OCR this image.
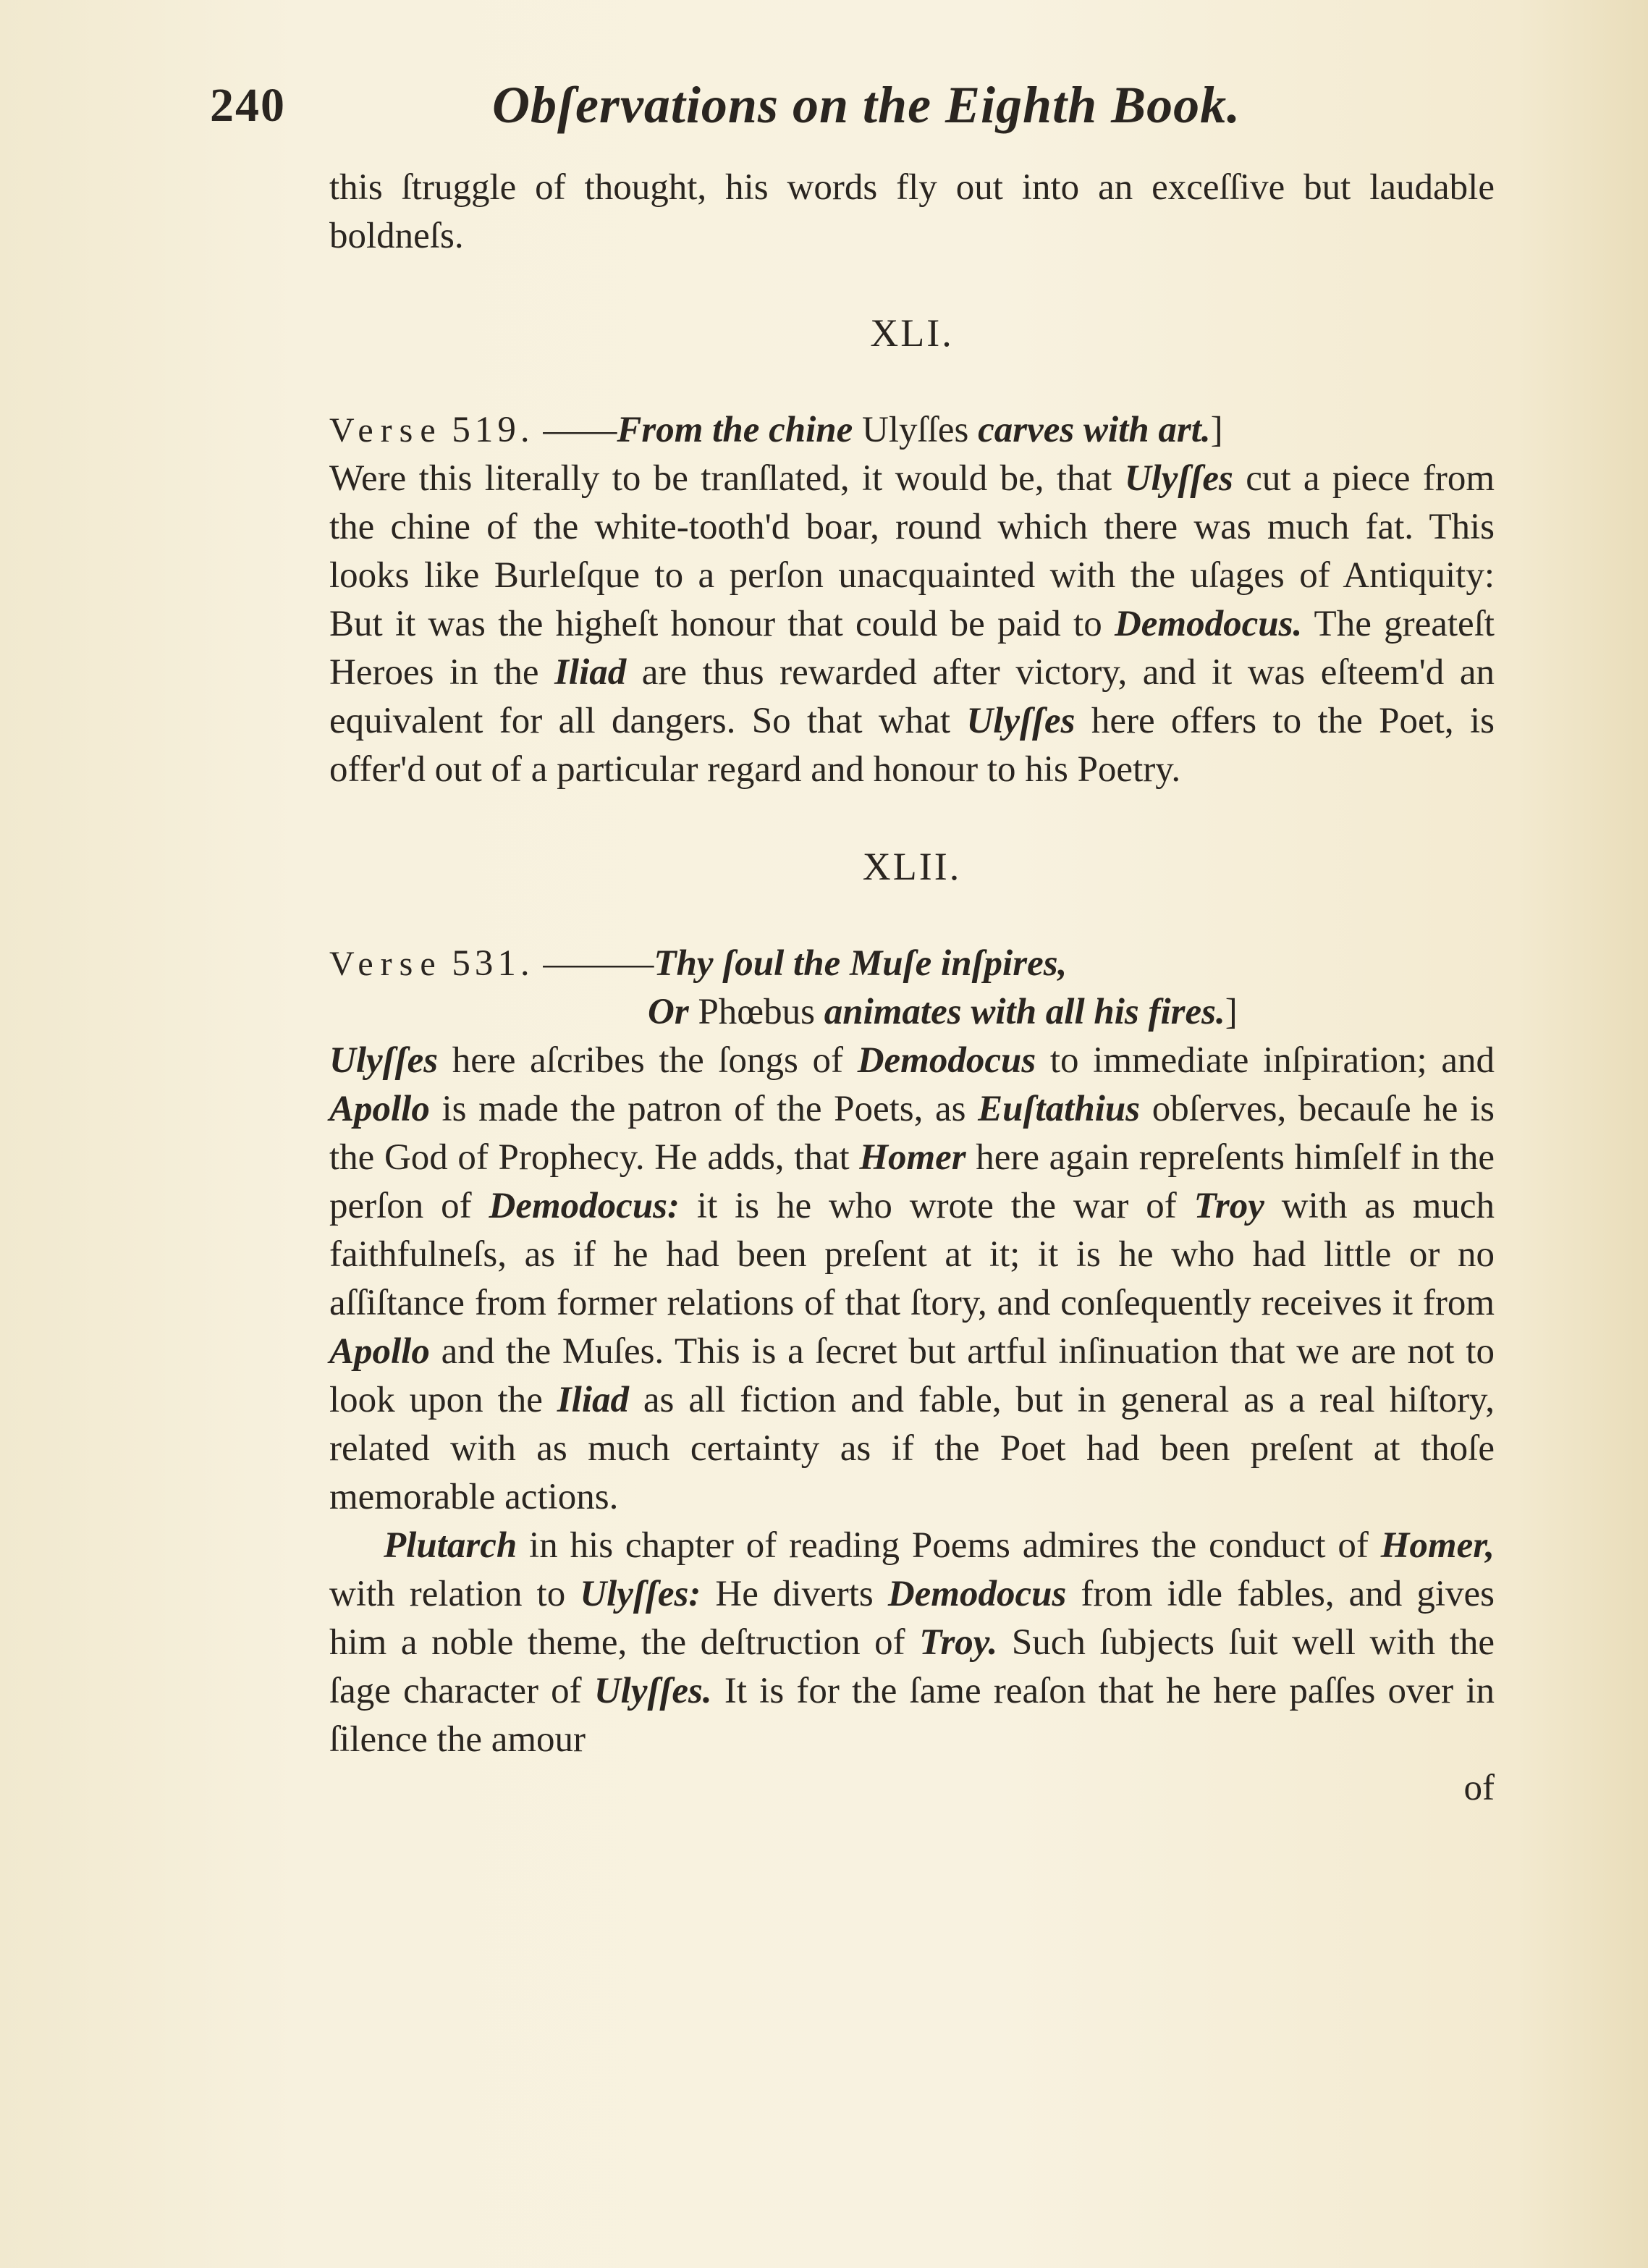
240	Obſervations on the Eighth Book.

this ſtruggle of thought, his words fly out into an exceſſive but laudable boldneſs.

XLI.

Verse 519. ——From the chine Ulyſſes carves with art.]

Were this literally to be tranſlated, it would be, that Ulyſſes cut a piece from the chine of the white-tooth'd boar, round which there was much fat. This looks like Burleſque to a perſon unacquainted with the uſages of Antiquity: But it was the higheſt honour that could be paid to Demodocus. The greateſt Heroes in the Iliad are thus rewarded after victory, and it was eſteem'd an equivalent for all dangers. So that what Ulyſſes here offers to the Poet, is offer'd out of a particular regard and honour to his Poetry.

XLII.

Verse 531. ———Thy ſoul the Muſe inſpires,

Or Phœbus animates with all his fires.]

Ulyſſes here aſcribes the ſongs of Demodocus to immediate inſpiration; and Apollo is made the patron of the Poets, as Euſtathius obſerves, becauſe he is the God of Prophecy. He adds, that Homer here again repreſents himſelf in the perſon of Demodocus: it is he who wrote the war of Troy with as much faithfulneſs, as if he had been preſent at it; it is he who had little or no aſſiſtance from former relations of that ſtory, and conſequently receives it from Apollo and the Muſes. This is a ſecret but artful inſinuation that we are not to look upon the Iliad as all fiction and fable, but in general as a real hiſtory, related with as much certainty as if the Poet had been preſent at thoſe memorable actions.

Plutarch in his chapter of reading Poems admires the conduct of Homer, with relation to Ulyſſes: He diverts Demodocus from idle fables, and gives him a noble theme, the deſtruction of Troy. Such ſubjects ſuit well with the ſage character of Ulyſſes. It is for the ſame reaſon that he here paſſes over in ſilence the amour

of
